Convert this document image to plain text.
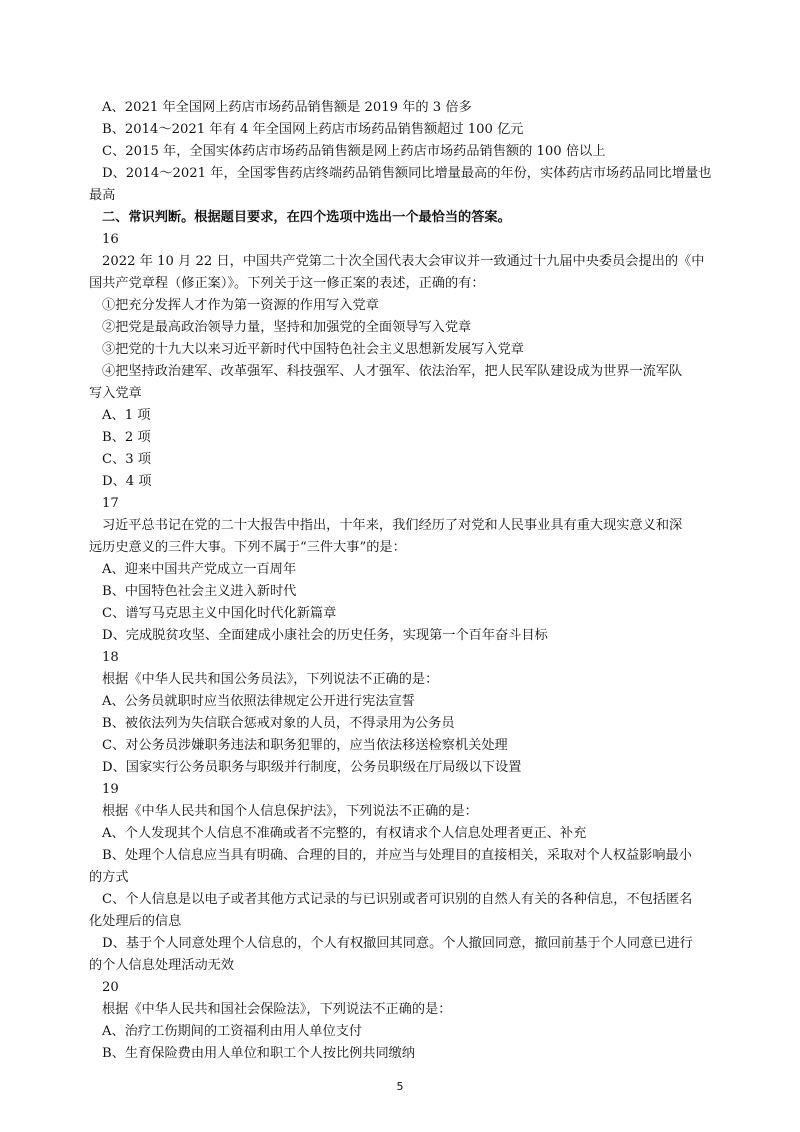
A、2021 年全国网上药店市场药品销售额是 2019 年的 3 倍多
B、2014～2021 年有 4 年全国网上药店市场药品销售额超过 100 亿元
C、2015 年，全国实体药店市场药品销售额是网上药店市场药品销售额的 100 倍以上
D、2014～2021 年，全国零售药店终端药品销售额同比增量最高的年份，实体药店市场药品同比增量也
最高
二、常识判断。根据题目要求，在四个选项中选出一个最恰当的答案。
16
2022 年 10 月 22 日，中国共产党第二十次全国代表大会审议并一致通过十九届中央委员会提出的《中
国共产党章程（修正案）》。下列关于这一修正案的表述，正确的有：
①把充分发挥人才作为第一资源的作用写入党章
②把党是最高政治领导力量，坚持和加强党的全面领导写入党章
③把党的十九大以来习近平新时代中国特色社会主义思想新发展写入党章
④把坚持政治建军、改革强军、科技强军、人才强军、依法治军，把人民军队建设成为世界一流军队
写入党章
A、1 项
B、2 项
C、3 项
D、4 项
17
习近平总书记在党的二十大报告中指出，十年来，我们经历了对党和人民事业具有重大现实意义和深
远历史意义的三件大事。下列不属于“三件大事”的是：
A、迎来中国共产党成立一百周年
B、中国特色社会主义进入新时代
C、谱写马克思主义中国化时代化新篇章
D、完成脱贫攻坚、全面建成小康社会的历史任务，实现第一个百年奋斗目标
18
根据《中华人民共和国公务员法》，下列说法不正确的是：
A、公务员就职时应当依照法律规定公开进行宪法宣誓
B、被依法列为失信联合惩戒对象的人员，不得录用为公务员
C、对公务员涉嫌职务违法和职务犯罪的，应当依法移送检察机关处理
D、国家实行公务员职务与职级并行制度，公务员职级在厅局级以下设置
19
根据《中华人民共和国个人信息保护法》，下列说法不正确的是：
A、个人发现其个人信息不准确或者不完整的，有权请求个人信息处理者更正、补充
B、处理个人信息应当具有明确、合理的目的，并应当与处理目的直接相关，采取对个人权益影响最小
的方式
C、个人信息是以电子或者其他方式记录的与已识别或者可识别的自然人有关的各种信息，不包括匿名
化处理后的信息
D、基于个人同意处理个人信息的，个人有权撤回其同意。个人撤回同意，撤回前基于个人同意已进行
的个人信息处理活动无效
20
根据《中华人民共和国社会保险法》，下列说法不正确的是：
A、治疗工伤期间的工资福利由用人单位支付
B、生育保险费由用人单位和职工个人按比例共同缴纳
5
